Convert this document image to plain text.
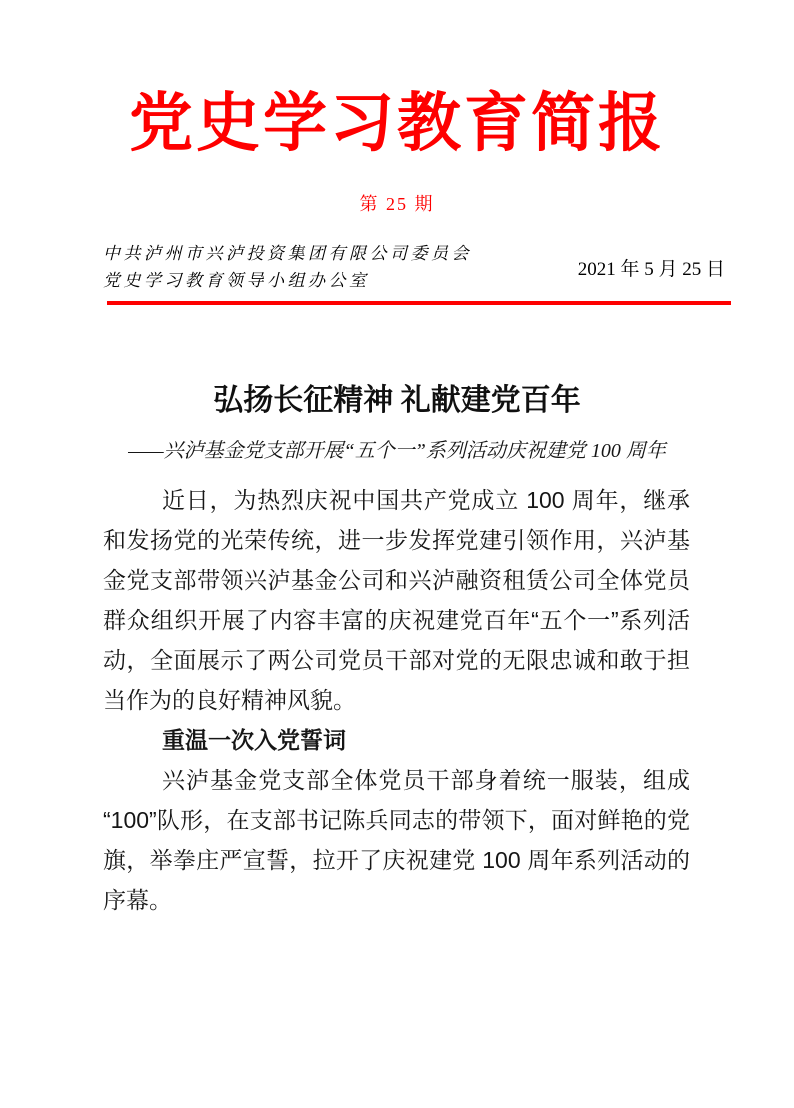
党史学习教育简报
第 25 期
中共泸州市兴泸投资集团有限公司委员会
党史学习教育领导小组办公室
2021 年 5 月 25 日
弘扬长征精神 礼献建党百年
——兴泸基金党支部开展“五个一”系列活动庆祝建党 100 周年

近日，为热烈庆祝中国共产党成立 100 周年，继承和发扬党的光荣传统，进一步发挥党建引领作用，兴泸基金党支部带领兴泸基金公司和兴泸融资租赁公司全体党员群众组织开展了内容丰富的庆祝建党百年“五个一”系列活动，全面展示了两公司党员干部对党的无限忠诚和敢于担当作为的良好精神风貌。

重温一次入党誓词

兴泸基金党支部全体党员干部身着统一服装，组成“100”队形，在支部书记陈兵同志的带领下，面对鲜艳的党旗，举拳庄严宣誓，拉开了庆祝建党 100 周年系列活动的序幕。
